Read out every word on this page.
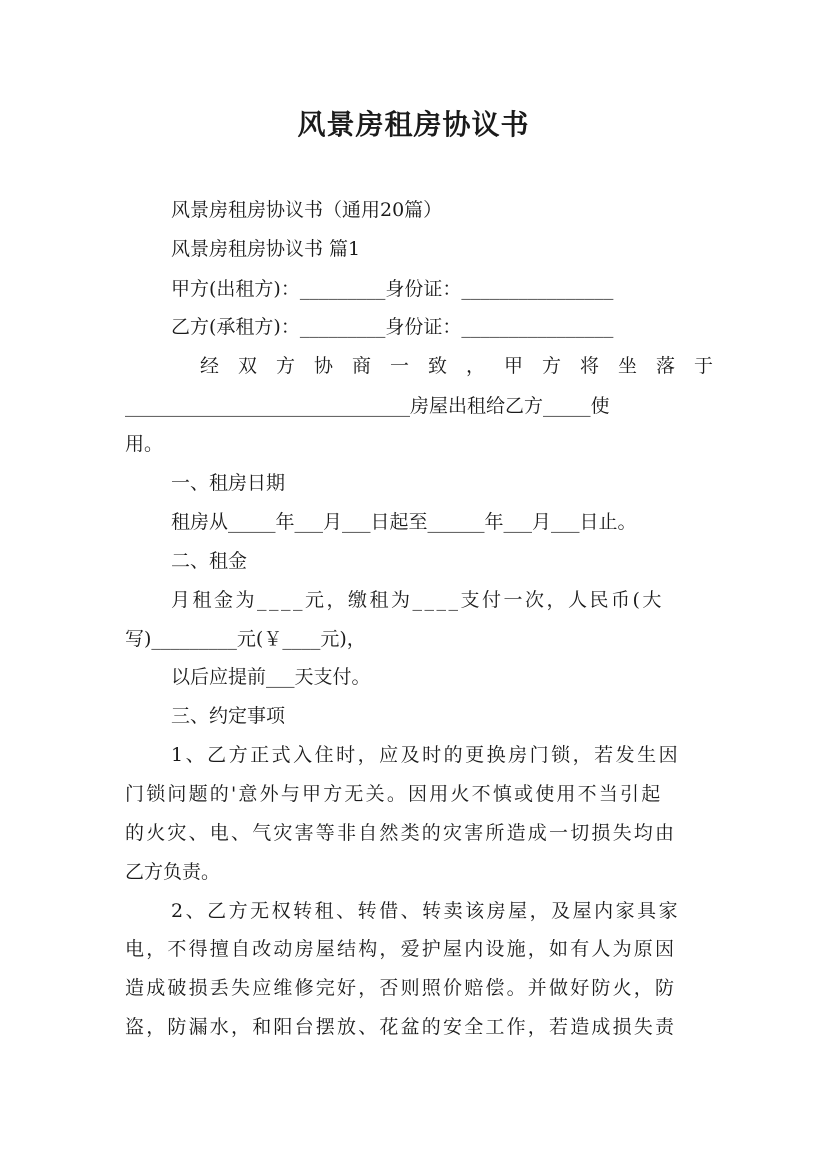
风景房租房协议书
风景房租房协议书（通用20篇）
风景房租房协议书 篇1
甲方(出租方)：_________身份证：________________
乙方(承租方)：_________身份证：________________
经双方协商一致，甲方将坐落于
______________________________房屋出租给乙方_____使
用。
一、租房日期
租房从_____年___月___日起至______年___月___日止。
二、租金
月租金为____元，缴租为____支付一次，人民币(大
写)_________元(￥____元)，
以后应提前___天支付。
三、约定事项
1、乙方正式入住时，应及时的更换房门锁，若发生因
门锁问题的'意外与甲方无关。因用火不慎或使用不当引起
的火灾、电、气灾害等非自然类的灾害所造成一切损失均由
乙方负责。
2、乙方无权转租、转借、转卖该房屋，及屋内家具家
电，不得擅自改动房屋结构，爱护屋内设施，如有人为原因
造成破损丢失应维修完好，否则照价赔偿。并做好防火，防
盗，防漏水，和阳台摆放、花盆的安全工作，若造成损失责
